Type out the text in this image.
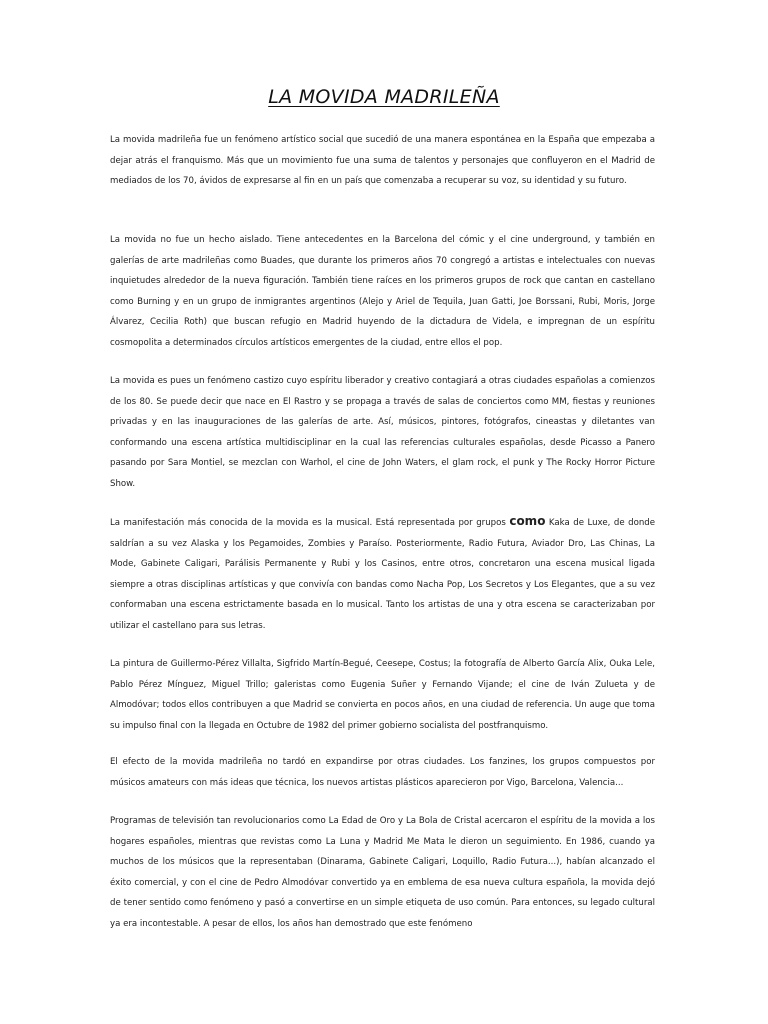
LA MOVIDA MADRILEÑA

La movida madrileña fue un fenómeno artístico social que sucedió de una manera espontánea en la España que empezaba a dejar atrás el franquismo. Más que un movimiento fue una suma de talentos y personajes que confluyeron en el Madrid de mediados de los 70, ávidos de expresarse al fin en un país que comenzaba a recuperar su voz, su identidad y su futuro.

La movida no fue un hecho aislado. Tiene antecedentes en la Barcelona del cómic y el cine underground, y también en galerías de arte madrileñas como Buades, que durante los primeros años 70 congregó a artistas e intelectuales con nuevas inquietudes alrededor de la nueva figuración. También tiene raíces en los primeros grupos de rock que cantan en castellano como Burning y en un grupo de inmigrantes argentinos (Alejo y Ariel de Tequila, Juan Gatti, Joe Borssani, Rubi, Moris, Jorge Álvarez, Cecilia Roth) que buscan refugio en Madrid huyendo de la dictadura de Videla, e impregnan de un espíritu cosmopolita a determinados círculos artísticos emergentes de la ciudad, entre ellos el pop.

La movida es pues un fenómeno castizo cuyo espíritu liberador y creativo contagiará a otras ciudades españolas a comienzos de los 80. Se puede decir que nace en El Rastro y se propaga a través de salas de conciertos como MM, fiestas y reuniones privadas y en las inauguraciones de las galerías de arte. Así, músicos, pintores, fotógrafos, cineastas y diletantes van conformando una escena artística multidisciplinar en la cual las referencias culturales españolas, desde Picasso a Panero pasando por Sara Montiel, se mezclan con Warhol, el cine de John Waters, el glam rock, el punk y The Rocky Horror Picture Show.

La manifestación más conocida de la movida es la musical. Está representada por grupos como Kaka de Luxe, de donde saldrían a su vez Alaska y los Pegamoides, Zombies y Paraíso. Posteriormente, Radio Futura, Aviador Dro, Las Chinas, La Mode, Gabinete Caligari, Parálisis Permanente y Rubi y los Casinos, entre otros, concretaron una escena musical ligada siempre a otras disciplinas artísticas y que convivía con bandas como Nacha Pop, Los Secretos y Los Elegantes, que a su vez conformaban una escena estrictamente basada en lo musical. Tanto los artistas de una y otra escena se caracterizaban por utilizar el castellano para sus letras.

La pintura de Guillermo-Pérez Villalta, Sigfrido Martín-Begué, Ceesepe, Costus; la fotografía de Alberto García Alix, Ouka Lele, Pablo Pérez Mínguez, Miguel Trillo; galeristas como Eugenia Suñer y Fernando Vijande; el cine de Iván Zulueta y de Almodóvar; todos ellos contribuyen a que Madrid se convierta en pocos años, en una ciudad de referencia. Un auge que toma su impulso final con la llegada en Octubre de 1982 del primer gobierno socialista del postfranquismo.

El efecto de la movida madrileña no tardó en expandirse por otras ciudades. Los fanzines, los grupos compuestos por músicos amateurs con más ideas que técnica, los nuevos artistas plásticos aparecieron por Vigo, Barcelona, Valencia...

Programas de televisión tan revolucionarios como La Edad de Oro y La Bola de Cristal acercaron el espíritu de la movida a los hogares españoles, mientras que revistas como La Luna y Madrid Me Mata le dieron un seguimiento. En 1986, cuando ya muchos de los músicos que la representaban (Dinarama, Gabinete Caligari, Loquillo, Radio Futura...), habían alcanzado el éxito comercial, y con el cine de Pedro Almodóvar convertido ya en emblema de esa nueva cultura española, la movida dejó de tener sentido como fenómeno y pasó a convertirse en un simple etiqueta de uso común. Para entonces, su legado cultural ya era incontestable. A pesar de ellos, los años han demostrado que este fenómeno
